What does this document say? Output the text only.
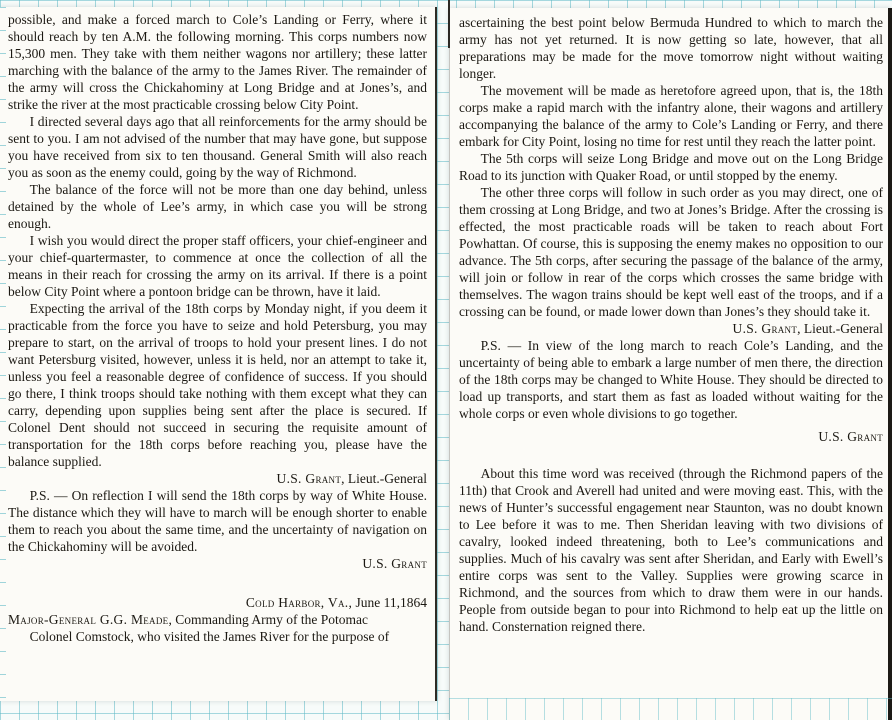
possible, and make a forced march to Cole’s Landing or Ferry, where it should reach by ten A.M. the following morning. This corps numbers now 15,300 men. They take with them neither wagons nor artillery; these latter marching with the balance of the army to the James River. The remainder of the army will cross the Chickahominy at Long Bridge and at Jones’s, and strike the river at the most practicable crossing below City Point.

I directed several days ago that all reinforcements for the army should be sent to you. I am not advised of the number that may have gone, but suppose you have received from six to ten thousand. General Smith will also reach you as soon as the enemy could, going by the way of Richmond.

The balance of the force will not be more than one day behind, unless detained by the whole of Lee’s army, in which case you will be strong enough.

I wish you would direct the proper staff officers, your chief-engineer and your chief-quartermaster, to commence at once the collection of all the means in their reach for crossing the army on its arrival. If there is a point below City Point where a pontoon bridge can be thrown, have it laid.

Expecting the arrival of the 18th corps by Monday night, if you deem it practicable from the force you have to seize and hold Petersburg, you may prepare to start, on the arrival of troops to hold your present lines. I do not want Petersburg visited, however, unless it is held, nor an attempt to take it, unless you feel a reasonable degree of confidence of success. If you should go there, I think troops should take nothing with them except what they can carry, depending upon supplies being sent after the place is secured. If Colonel Dent should not succeed in securing the requisite amount of transportation for the 18th corps before reaching you, please have the balance supplied.

U.S. Grant, Lieut.-General

P.S. — On reflection I will send the 18th corps by way of White House. The distance which they will have to march will be enough shorter to enable them to reach you about the same time, and the uncertainty of navigation on the Chickahominy will be avoided.

U.S. Grant

Cold Harbor, Va., June 11,1864

Major-General G.G. Meade, Commanding Army of the Potomac

Colonel Comstock, who visited the James River for the purpose of

ascertaining the best point below Bermuda Hundred to which to march the army has not yet returned. It is now getting so late, however, that all preparations may be made for the move tomorrow night without waiting longer.

The movement will be made as heretofore agreed upon, that is, the 18th corps make a rapid march with the infantry alone, their wagons and artillery accompanying the balance of the army to Cole’s Landing or Ferry, and there embark for City Point, losing no time for rest until they reach the latter point.

The 5th corps will seize Long Bridge and move out on the Long Bridge Road to its junction with Quaker Road, or until stopped by the enemy.

The other three corps will follow in such order as you may direct, one of them crossing at Long Bridge, and two at Jones’s Bridge. After the crossing is effected, the most practicable roads will be taken to reach about Fort Powhattan. Of course, this is supposing the enemy makes no opposition to our advance. The 5th corps, after securing the passage of the balance of the army, will join or follow in rear of the corps which crosses the same bridge with themselves. The wagon trains should be kept well east of the troops, and if a crossing can be found, or made lower down than Jones’s they should take it.

U.S. Grant, Lieut.-General

P.S. — In view of the long march to reach Cole’s Landing, and the uncertainty of being able to embark a large number of men there, the direction of the 18th corps may be changed to White House. They should be directed to load up transports, and start them as fast as loaded without waiting for the whole corps or even whole divisions to go together.

U.S. Grant

About this time word was received (through the Richmond papers of the 11th) that Crook and Averell had united and were moving east. This, with the news of Hunter’s successful engagement near Staunton, was no doubt known to Lee before it was to me. Then Sheridan leaving with two divisions of cavalry, looked indeed threatening, both to Lee’s communications and supplies. Much of his cavalry was sent after Sheridan, and Early with Ewell’s entire corps was sent to the Valley. Supplies were growing scarce in Richmond, and the sources from which to draw them were in our hands. People from outside began to pour into Richmond to help eat up the little on hand. Consternation reigned there.
